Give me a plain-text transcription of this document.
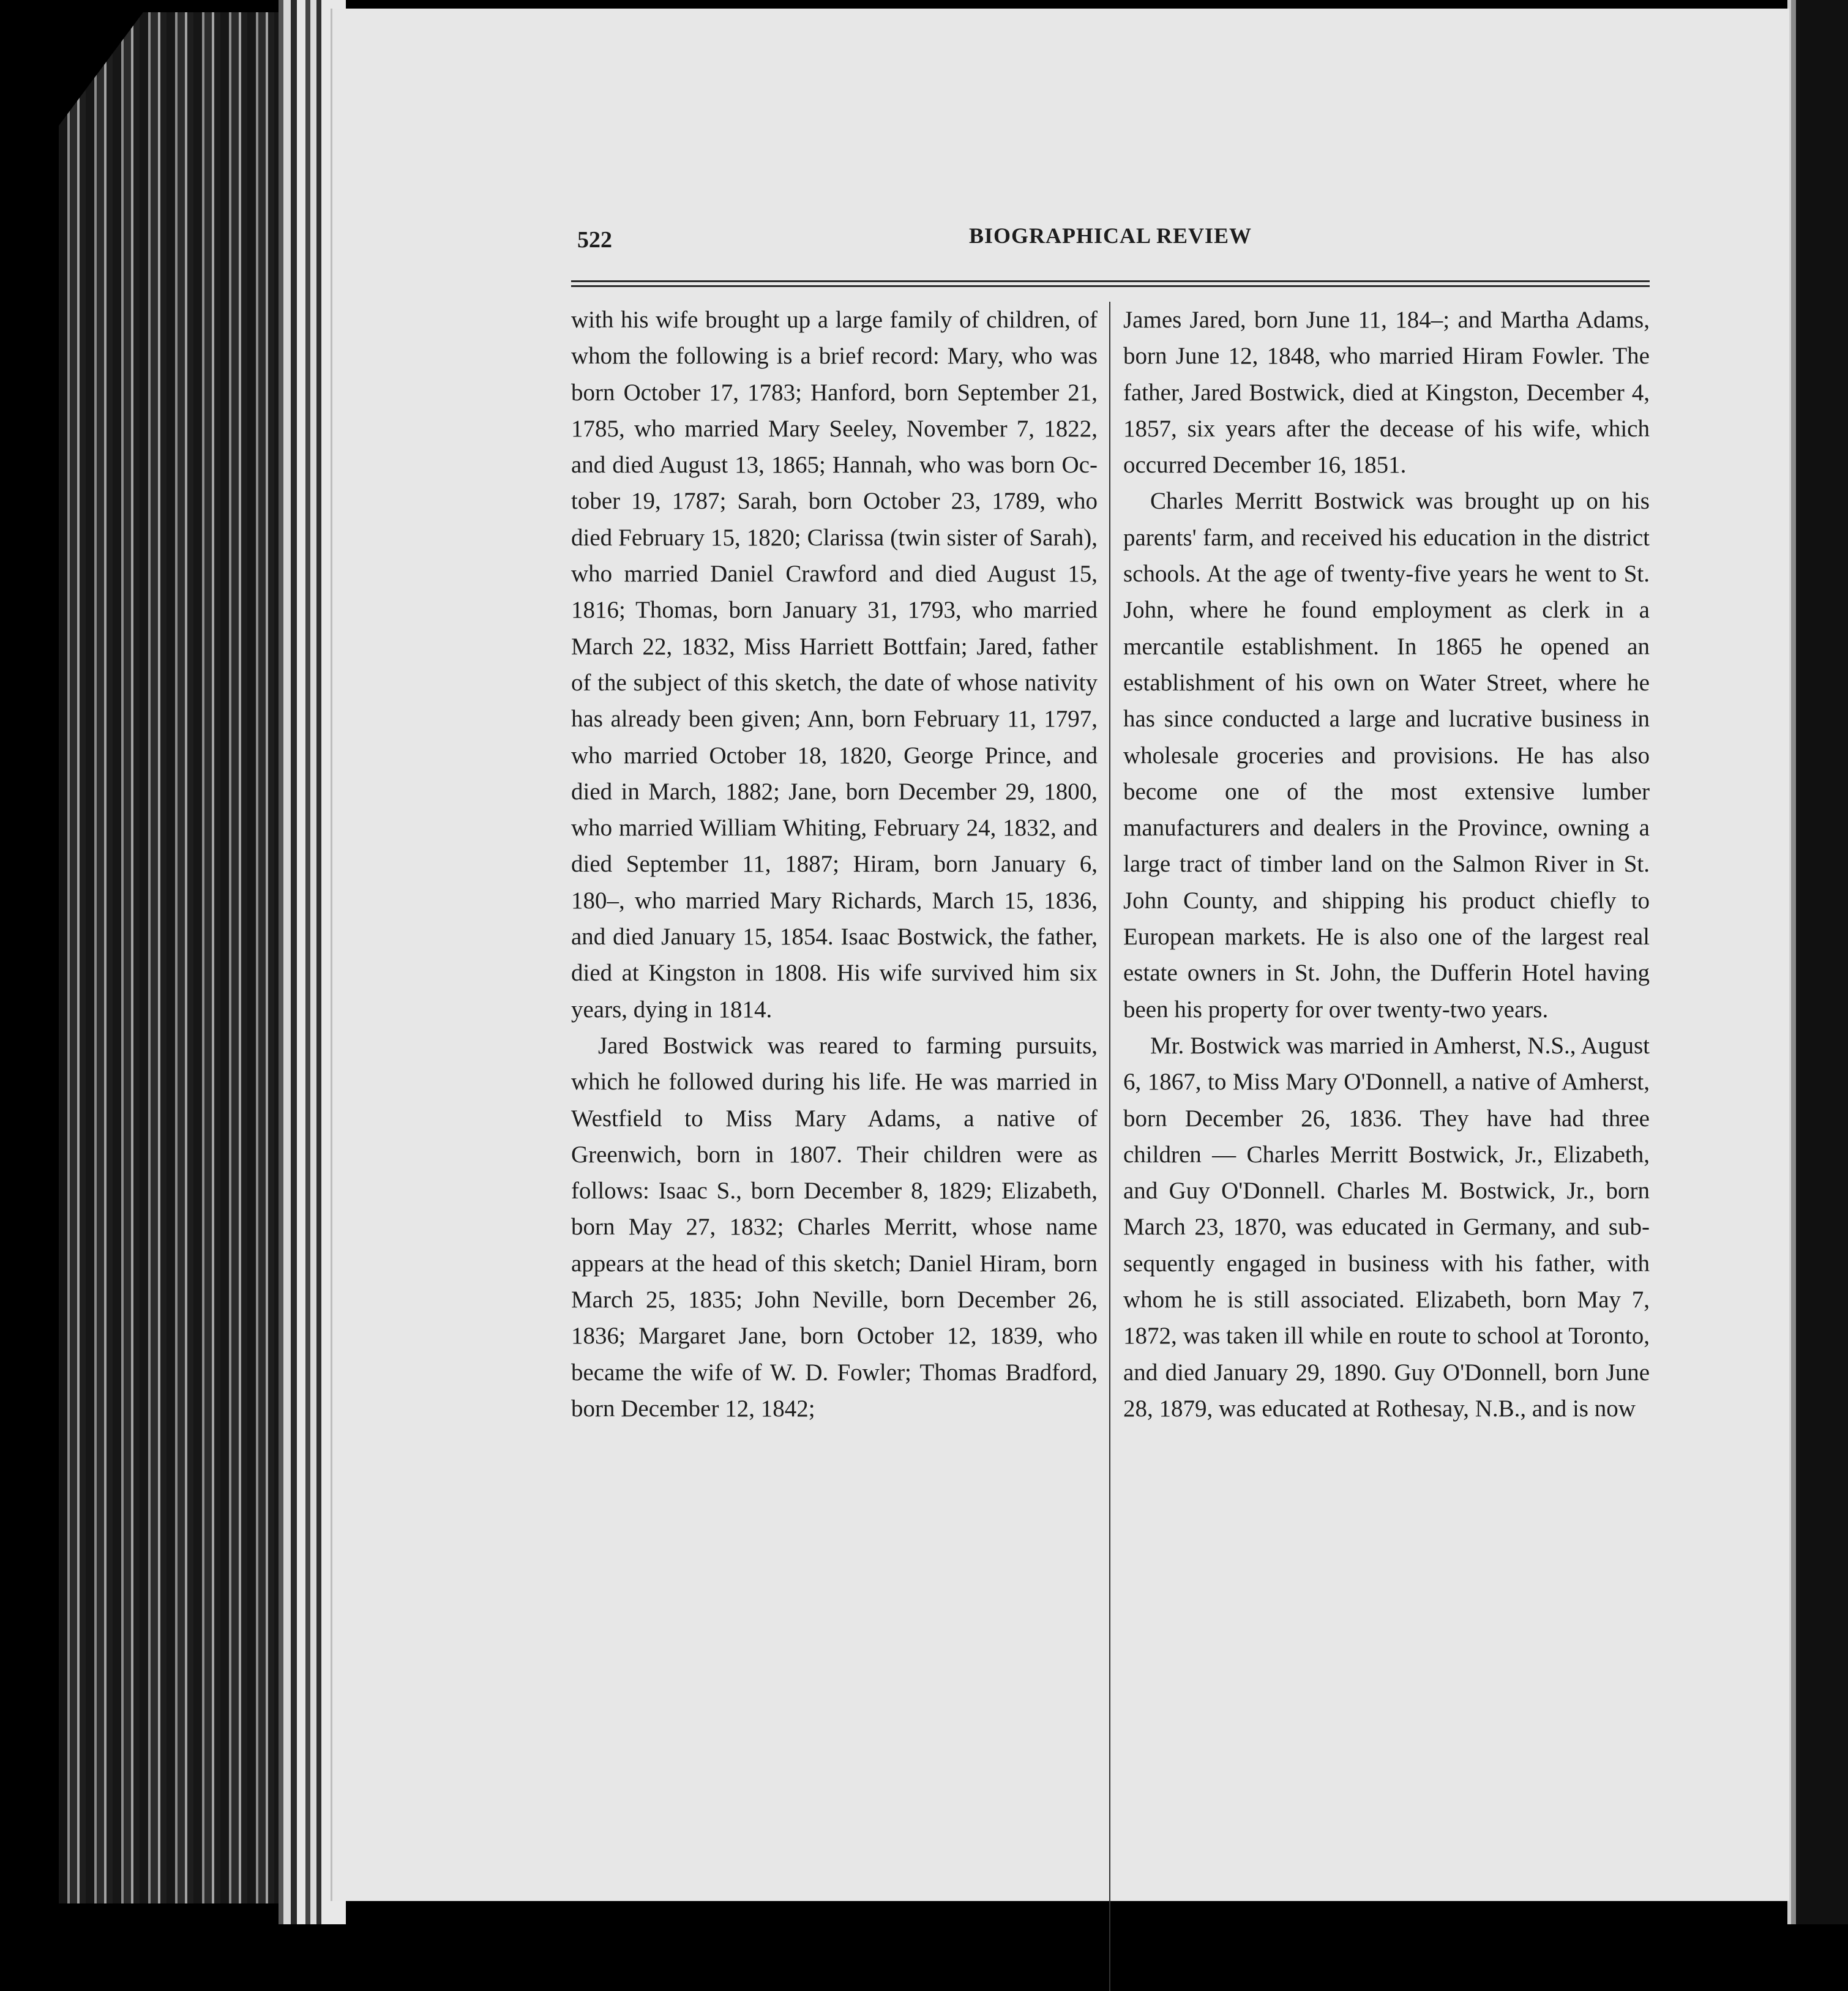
522	BIOGRAPHICAL REVIEW

with his wife brought up a large family of children, of whom the following is a brief record: Mary, who was born October 17, 1783; Hanford, born September 21, 1785, who married Mary Seeley, November 7, 1822, and died August 13, 1865; Hannah, who was born October 19, 1787; Sarah, born October 23, 1789, who died February 15, 1820; Clarissa (twin sister of Sarah), who married Daniel Crawford and died August 15, 1816; Thomas, born January 31, 1793, who married March 22, 1832, Miss Harriett Bottfain; Jared, father of the subject of this sketch, the date of whose nativity has already been given; Ann, born February 11, 1797, who married October 18, 1820, George Prince, and died in March, 1882; Jane, born December 29, 1800, who married William Whiting, February 24, 1832, and died September 11, 1887; Hiram, born January 6, 180–, who married Mary Richards, March 15, 1836, and died January 15, 1854. Isaac Bostwick, the father, died at Kingston in 1808. His wife survived him six years, dying in 1814.

Jared Bostwick was reared to farming pursuits, which he followed during his life. He was married in Westfield to Miss Mary Adams, a native of Greenwich, born in 1807. Their children were as follows: Isaac S., born December 8, 1829; Elizabeth, born May 27, 1832; Charles Merritt, whose name appears at the head of this sketch; Daniel Hiram, born March 25, 1835; John Neville, born December 26, 1836; Margaret Jane, born October 12, 1839, who became the wife of W. D. Fowler; Thomas Bradford, born December 12, 1842;

James Jared, born June 11, 184–; and Martha Adams, born June 12, 1848, who married Hiram Fowler. The father, Jared Bostwick, died at Kingston, December 4, 1857, six years after the decease of his wife, which occurred December 16, 1851.

Charles Merritt Bostwick was brought up on his parents' farm, and received his education in the district schools. At the age of twenty-five years he went to St. John, where he found employment as clerk in a mercantile establishment. In 1865 he opened an establishment of his own on Water Street, where he has since conducted a large and lucrative business in wholesale groceries and provisions. He has also become one of the most extensive lumber manufacturers and dealers in the Province, owning a large tract of timber land on the Salmon River in St. John County, and shipping his product chiefly to European markets. He is also one of the largest real estate owners in St. John, the Dufferin Hotel having been his property for over twenty-two years.

Mr. Bostwick was married in Amherst, N.S., August 6, 1867, to Miss Mary O'Donnell, a native of Amherst, born December 26, 1836. They have had three children — Charles Merritt Bostwick, Jr., Elizabeth, and Guy O'Donnell. Charles M. Bostwick, Jr., born March 23, 1870, was educated in Germany, and subsequently engaged in business with his father, with whom he is still associated. Elizabeth, born May 7, 1872, was taken ill while en route to school at Toronto, and died January 29, 1890. Guy O'Donnell, born June 28, 1879, was educated at Rothesay, N.B., and is now
